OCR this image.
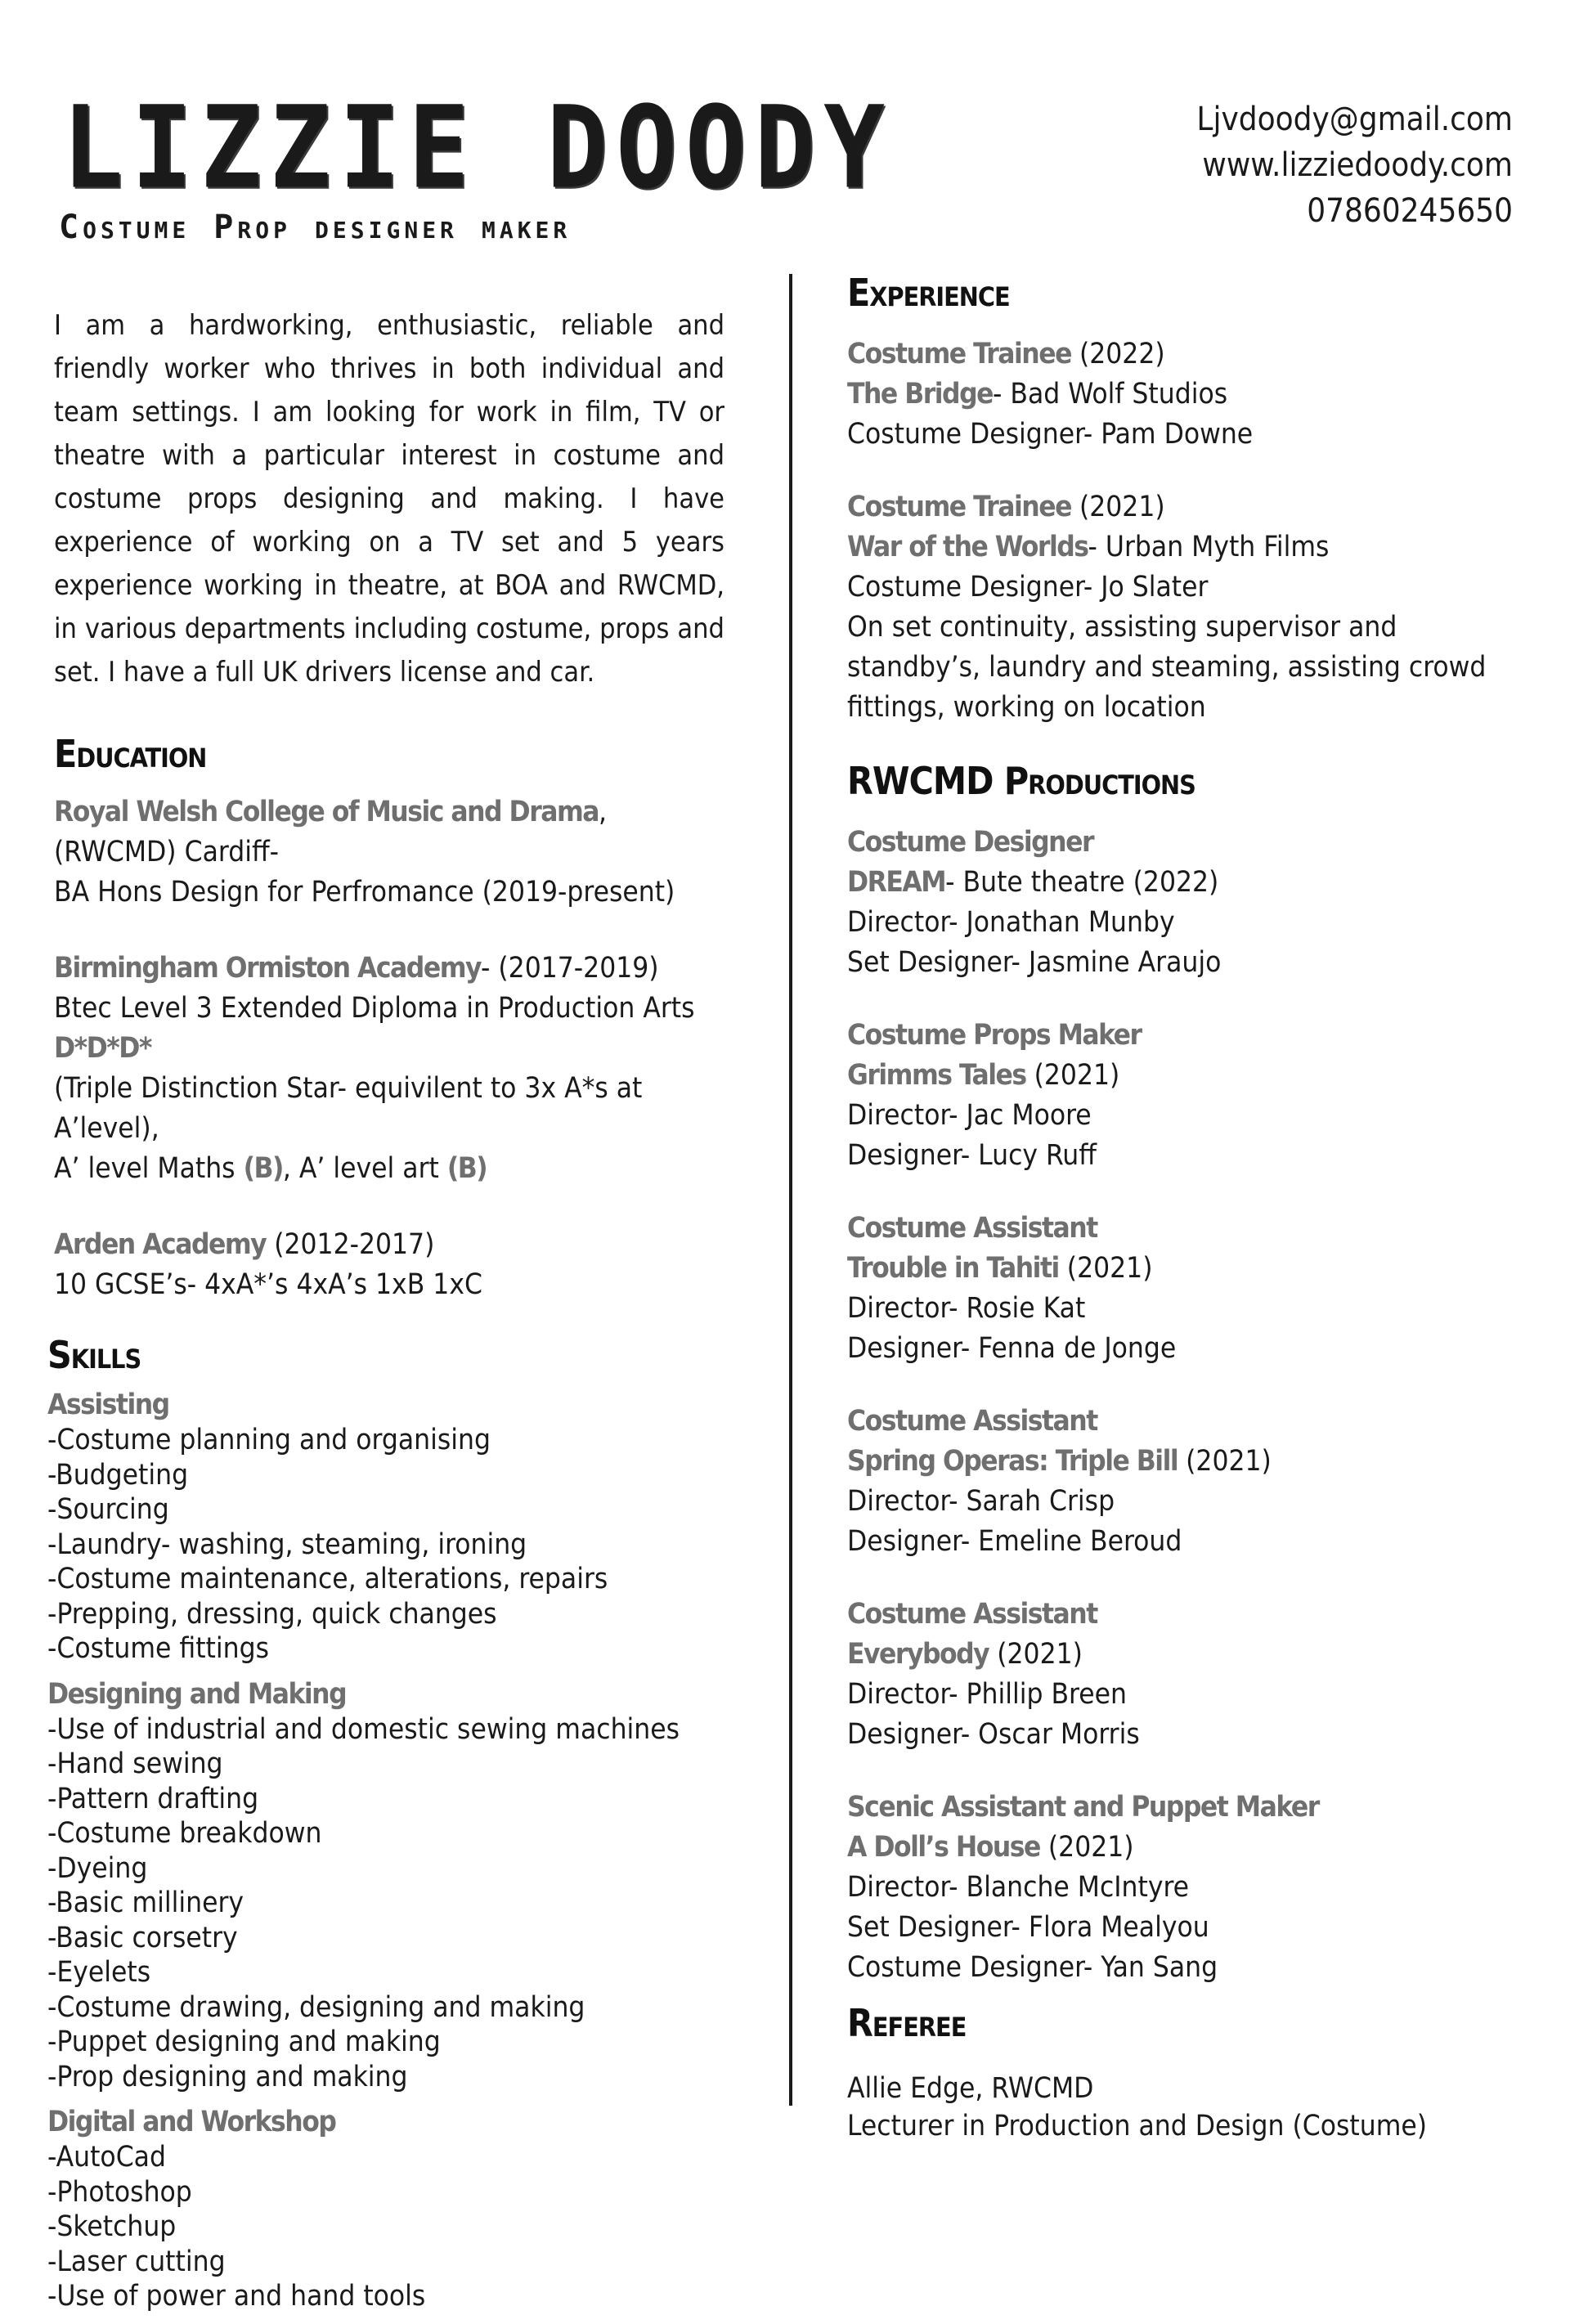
LIZZIE DOODY
Costume Prop designer maker
Ljvdoody@gmail.com
www.lizziedoody.com
07860245650

I am a hardworking, enthusiastic, reliable and friendly worker who thrives in both individual and team settings. I am looking for work in film, TV or theatre with a particular interest in costume and costume props designing and making. I have experience of working on a TV set and 5 years experience working in theatre, at BOA and RWCMD, in various departments including costume, props and set. I have a full UK drivers license and car.

Education
Royal Welsh College of Music and Drama, (RWCMD) Cardiff-
BA Hons Design for Perfromance (2019-present)
Birmingham Ormiston Academy- (2017-2019)
Btec Level 3 Extended Diploma in Production Arts D*D*D*
(Triple Distinction Star- equivilent to 3x A*s at A’level),
A’ level Maths (B), A’ level art (B)
Arden Academy (2012-2017)
10 GCSE’s- 4xA*’s 4xA’s 1xB 1xC
Skills
Assisting
-Costume planning and organising
-Budgeting
-Sourcing
-Laundry- washing, steaming, ironing
-Costume maintenance, alterations, repairs
-Prepping, dressing, quick changes
-Costume fittings
Designing and Making
-Use of industrial and domestic sewing machines
-Hand sewing
-Pattern drafting
-Costume breakdown
-Dyeing
-Basic millinery
-Basic corsetry
-Eyelets
-Costume drawing, designing and making
-Puppet designing and making
-Prop designing and making
Digital and Workshop
-AutoCad
-Photoshop
-Sketchup
-Laser cutting
-Use of power and hand tools
Experience
Costume Trainee (2022)
The Bridge- Bad Wolf Studios
Costume Designer- Pam Downe
Costume Trainee (2021)
War of the Worlds- Urban Myth Films
Costume Designer- Jo Slater
On set continuity, assisting supervisor and standby’s, laundry and steaming, assisting crowd fittings, working on location
RWCMD Productions
Costume Designer
DREAM- Bute theatre (2022)
Director- Jonathan Munby
Set Designer- Jasmine Araujo
Costume Props Maker
Grimms Tales (2021)
Director- Jac Moore
Designer- Lucy Ruff
Costume Assistant
Trouble in Tahiti (2021)
Director- Rosie Kat
Designer- Fenna de Jonge
Costume Assistant
Spring Operas: Triple Bill (2021)
Director- Sarah Crisp
Designer- Emeline Beroud
Costume Assistant
Everybody (2021)
Director- Phillip Breen
Designer- Oscar Morris
Scenic Assistant and Puppet Maker
A Doll’s House (2021)
Director- Blanche McIntyre
Set Designer- Flora Mealyou
Costume Designer- Yan Sang
Referee
Allie Edge, RWCMD
Lecturer in Production and Design (Costume)
